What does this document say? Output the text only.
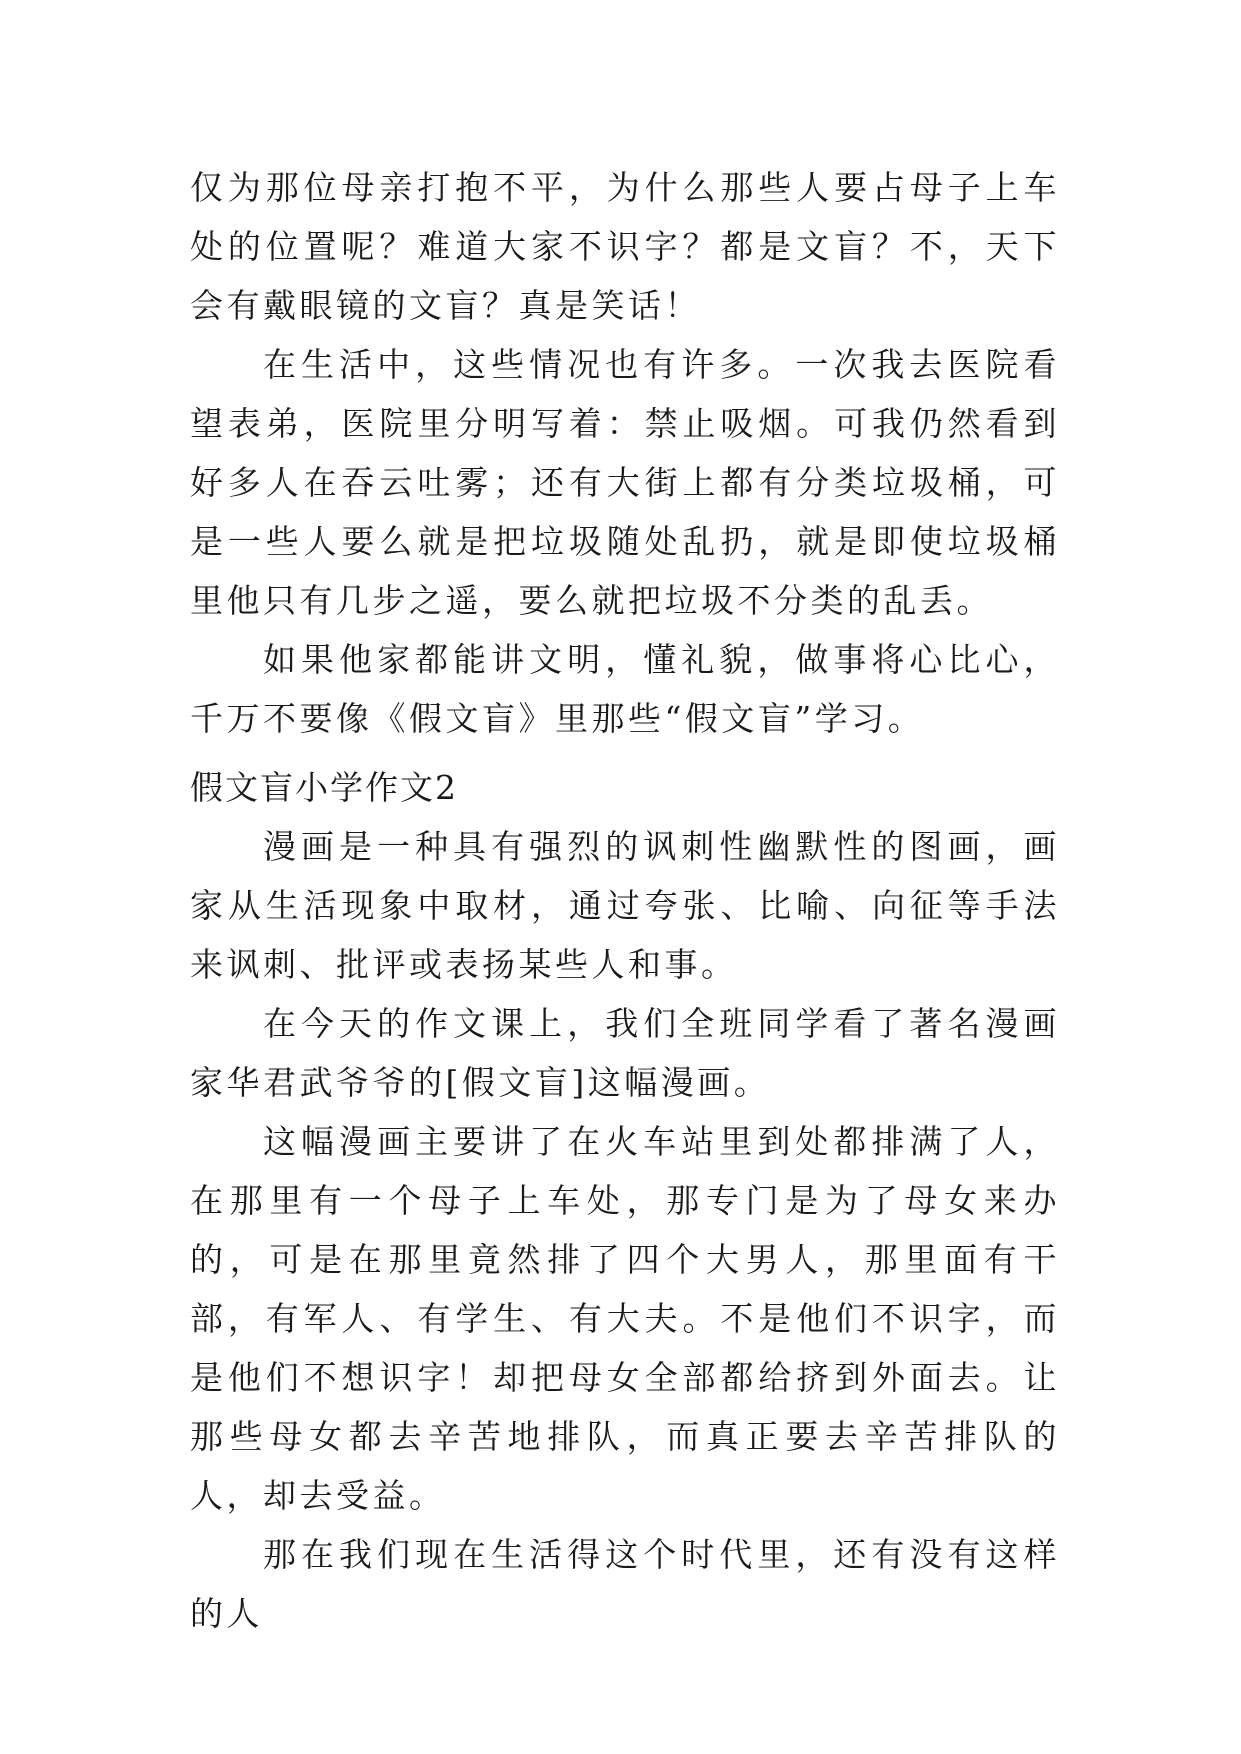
仅为那位母亲打抱不平，为什么那些人要占母子上车处的位置呢？难道大家不识字？都是文盲？不，天下会有戴眼镜的文盲？真是笑话！

在生活中，这些情况也有许多。一次我去医院看望表弟，医院里分明写着：禁止吸烟。可我仍然看到好多人在吞云吐雾；还有大街上都有分类垃圾桶，可是一些人要么就是把垃圾随处乱扔，就是即使垃圾桶里他只有几步之遥，要么就把垃圾不分类的乱丢。

如果他家都能讲文明，懂礼貌，做事将心比心，千万不要像《假文盲》里那些“假文盲”学习。

假文盲小学作文2

漫画是一种具有强烈的讽刺性幽默性的图画，画家从生活现象中取材，通过夸张、比喻、向征等手法来讽刺、批评或表扬某些人和事。

在今天的作文课上，我们全班同学看了著名漫画家华君武爷爷的[假文盲]这幅漫画。

这幅漫画主要讲了在火车站里到处都排满了人，在那里有一个母子上车处，那专门是为了母女来办的，可是在那里竟然排了四个大男人，那里面有干部，有军人、有学生、有大夫。不是他们不识字，而是他们不想识字！却把母女全部都给挤到外面去。让那些母女都去辛苦地排队，而真正要去辛苦排队的人，却去受益。

那在我们现在生活得这个时代里，还有没有这样的人
